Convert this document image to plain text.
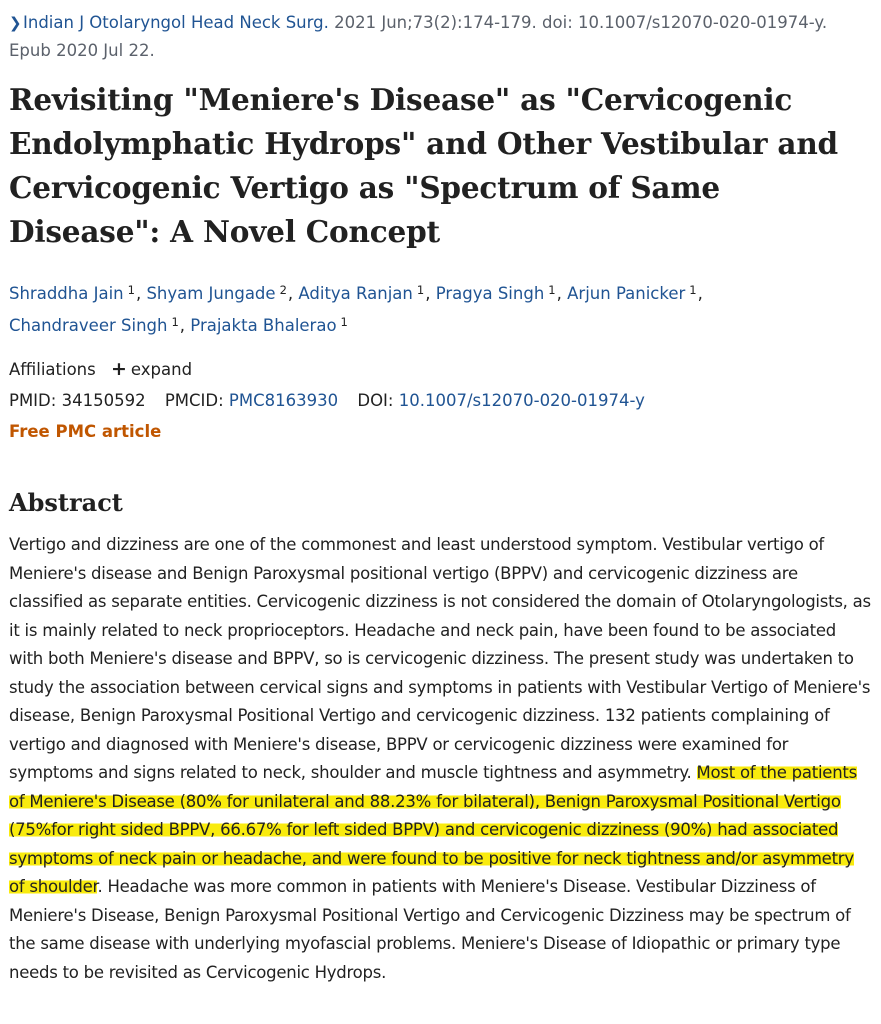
❯Indian J Otolaryngol Head Neck Surg. 2021 Jun;73(2):174-179. doi: 10.1007/s12070-020-01974-y.
Epub 2020 Jul 22.

Revisiting "Meniere's Disease" as "Cervicogenic Endolymphatic Hydrops" and Other Vestibular and Cervicogenic Vertigo as "Spectrum of Same Disease": A Novel Concept

Shraddha Jain $^1$, Shyam Jungade $^2$, Aditya Ranjan $^1$, Pragya Singh $^1$, Arjun Panicker $^1$,
Chandraveer Singh $^1$, Prajakta Bhalerao $^1$

Affiliations + expand
PMID: 34150592 PMCID: PMC8163930 DOI: 10.1007/s12070-020-01974-y
Free PMC article
Abstract

Vertigo and dizziness are one of the commonest and least understood symptom. Vestibular vertigo of Meniere's disease and Benign Paroxysmal positional vertigo (BPPV) and cervicogenic dizziness are classified as separate entities. Cervicogenic dizziness is not considered the domain of Otolaryngologists, as it is mainly related to neck proprioceptors. Headache and neck pain, have been found to be associated with both Meniere's disease and BPPV, so is cervicogenic dizziness. The present study was undertaken to study the association between cervical signs and symptoms in patients with Vestibular Vertigo of Meniere's disease, Benign Paroxysmal Positional Vertigo and cervicogenic dizziness. 132 patients complaining of vertigo and diagnosed with Meniere's disease, BPPV or cervicogenic dizziness were examined for symptoms and signs related to neck, shoulder and muscle tightness and asymmetry. Most of the patients of Meniere's Disease (80% for unilateral and 88.23% for bilateral), Benign Paroxysmal Positional Vertigo (75%for right sided BPPV, 66.67% for left sided BPPV) and cervicogenic dizziness (90%) had associated symptoms of neck pain or headache, and were found to be positive for neck tightness and/or asymmetry of shoulder. Headache was more common in patients with Meniere's Disease. Vestibular Dizziness of Meniere's Disease, Benign Paroxysmal Positional Vertigo and Cervicogenic Dizziness may be spectrum of the same disease with underlying myofascial problems. Meniere's Disease of Idiopathic or primary type needs to be revisited as Cervicogenic Hydrops.
